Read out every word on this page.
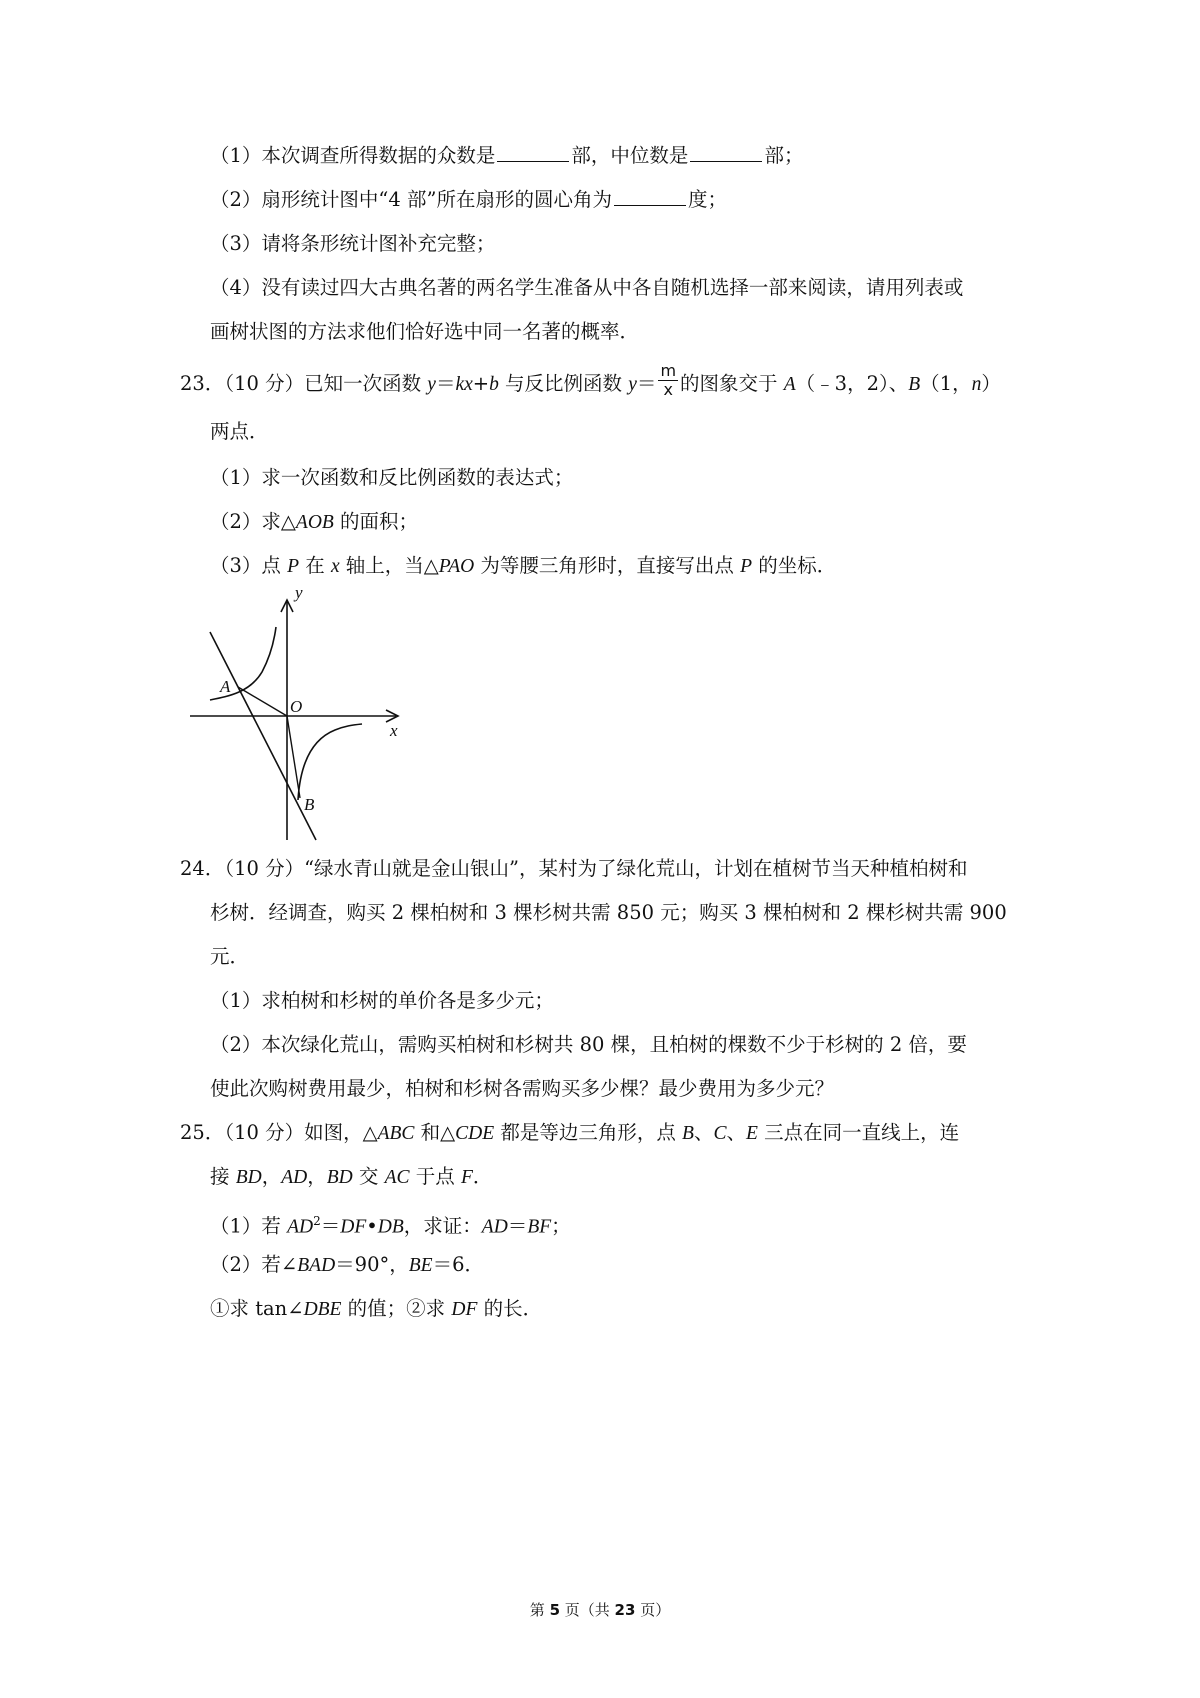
（1）本次调查所得数据的众数是	部，中位数是	部；
（2）扇形统计图中“4 部”所在扇形的圆心角为	度；
（3）请将条形统计图补充完整；
（4）没有读过四大古典名著的两名学生准备从中各自随机选择一部来阅读，请用列表或
画树状图的方法求他们恰好选中同一名著的概率．
23．（10 分）已知一次函数 y＝kx+b 与反比例函数 $y= \frac{m}{x}$ 的图象交于 A（﹣3，2）、B（1，n）
两点．
（1）求一次函数和反比例函数的表达式；
（2）求△AOB 的面积；
（3）点 P 在 x 轴上，当△PAO 为等腰三角形时，直接写出点 P 的坐标．
y
x
O
A
B
24．（10 分）“绿水青山就是金山银山”，某村为了绿化荒山，计划在植树节当天种植柏树和
杉树．经调查，购买 2 棵柏树和 3 棵杉树共需 850 元；购买 3 棵柏树和 2 棵杉树共需 900
元．
（1）求柏树和杉树的单价各是多少元；
（2）本次绿化荒山，需购买柏树和杉树共 80 棵，且柏树的棵数不少于杉树的 2 倍，要
使此次购树费用最少，柏树和杉树各需购买多少棵？最少费用为多少元？
25．（10 分）如图，△ABC 和△CDE 都是等边三角形，点 B、C、E 三点在同一直线上，连
接 BD，AD，BD 交 AC 于点 F．
（1）若 $AD^2=DF•DB$，求证：AD＝BF；
（2）若∠BAD＝90°，BE＝6．
①求 tan∠DBE 的值；②求 DF 的长．
第 5 页（共 23 页）
